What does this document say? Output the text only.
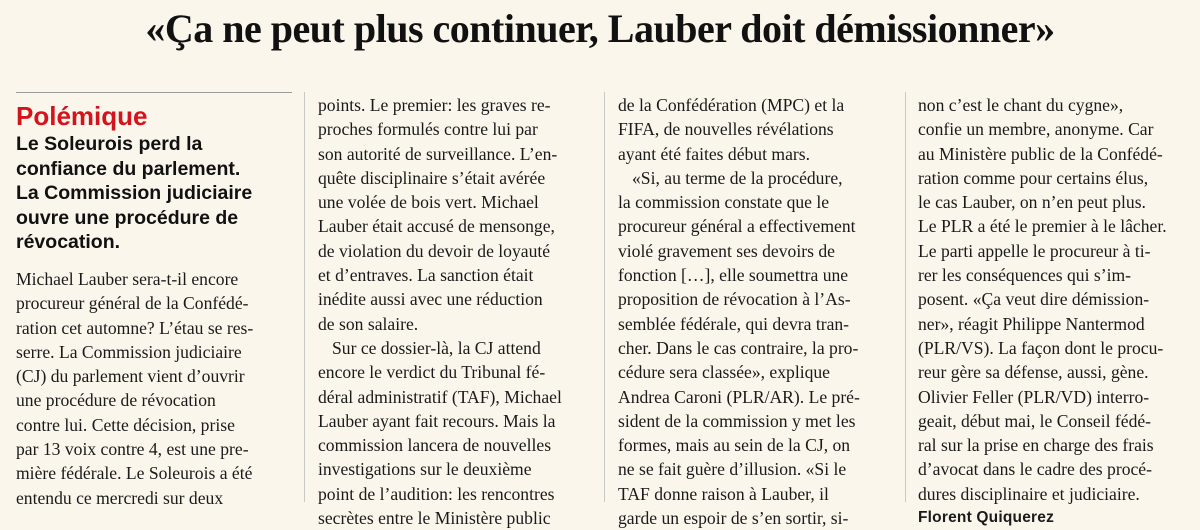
«Ça ne peut plus continuer, Lauber doit démissionner»
Polémique
Le Soleurois perd la
confiance du parlement.
La Commission judiciaire
ouvre une procédure de
révocation.
Michael Lauber sera-t-il encore
procureur général de la Confédé-
ration cet automne? L’étau se res-
serre. La Commission judiciaire
(CJ) du parlement vient d’ouvrir
une procédure de révocation
contre lui. Cette décision, prise
par 13 voix contre 4, est une pre-
mière fédérale. Le Soleurois a été
entendu ce mercredi sur deux
points. Le premier: les graves re-
proches formulés contre lui par
son autorité de surveillance. L’en-
quête disciplinaire s’était avérée
une volée de bois vert. Michael
Lauber était accusé de mensonge,
de violation du devoir de loyauté
et d’entraves. La sanction était
inédite aussi avec une réduction
de son salaire.
Sur ce dossier-là, la CJ attend
encore le verdict du Tribunal fé-
déral administratif (TAF), Michael
Lauber ayant fait recours. Mais la
commission lancera de nouvelles
investigations sur le deuxième
point de l’audition: les rencontres
secrètes entre le Ministère public
de la Confédération (MPC) et la
FIFA, de nouvelles révélations
ayant été faites début mars.
«Si, au terme de la procédure,
la commission constate que le
procureur général a effectivement
violé gravement ses devoirs de
fonction […], elle soumettra une
proposition de révocation à l’As-
semblée fédérale, qui devra tran-
cher. Dans le cas contraire, la pro-
cédure sera classée», explique
Andrea Caroni (PLR/AR). Le pré-
sident de la commission y met les
formes, mais au sein de la CJ, on
ne se fait guère d’illusion. «Si le
TAF donne raison à Lauber, il
garde un espoir de s’en sortir, si-
non c’est le chant du cygne»,
confie un membre, anonyme. Car
au Ministère public de la Confédé-
ration comme pour certains élus,
le cas Lauber, on n’en peut plus.
Le PLR a été le premier à le lâcher.
Le parti appelle le procureur à ti-
rer les conséquences qui s’im-
posent. «Ça veut dire démission-
ner», réagit Philippe Nantermod
(PLR/VS). La façon dont le procu-
reur gère sa défense, aussi, gène.
Olivier Feller (PLR/VD) interro-
geait, début mai, le Conseil fédé-
ral sur la prise en charge des frais
d’avocat dans le cadre des procé-
dures disciplinaire et judiciaire.
Florent Quiquerez
